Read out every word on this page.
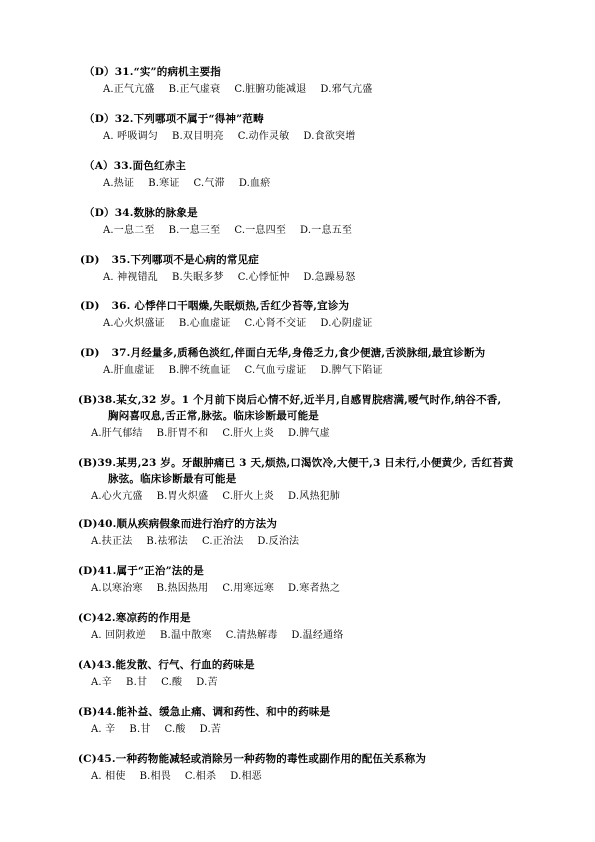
（D）31.“实”的病机主要指
A.正气亢盛 B.正气虚衰 C.脏腑功能减退 D.邪气亢盛
（D）32.下列哪项不属于“得神”范畴
A. 呼吸调匀 B.双目明亮 C.动作灵敏 D.食欲突增
（A）33.面色红赤主
A.热证 B.寒证 C.气滞 D.血瘀
（D）34.数脉的脉象是
A.一息二至 B.一息三至 C.一息四至 D.一息五至
(D) 35.下列哪项不是心病的常见症
A. 神视错乱 B.失眠多梦 C.心悸怔忡 D.急躁易怒
(D) 36. 心悸伴口干咽燥,失眠烦热,舌红少苔等,宜诊为
A.心火炽盛证 B.心血虚证 C.心肾不交证 D.心阴虚证
(D) 37.月经量多,质稀色淡红,伴面白无华,身倦乏力,食少便溏,舌淡脉细,最宜诊断为
A.肝血虚证 B.脾不统血证 C.气血亏虚证 D.脾气下陷证
(B)38.某女,32 岁。1 个月前下岗后心情不好,近半月,自感胃脘痞满,嗳气时作,纳谷不香,
胸闷喜叹息,舌正常,脉弦。临床诊断最可能是
A.肝气郁结 B.肝胃不和 C.肝火上炎 D.脾气虚
(B)39.某男,23 岁。牙龈肿痛已 3 天,烦热,口渴饮冷,大便干,3 日未行,小便黄少, 舌红苔黄
脉弦。临床诊断最有可能是
A.心火亢盛 B.胃火炽盛 C.肝火上炎 D.风热犯肺
(D)40.顺从疾病假象而进行治疗的方法为
A.扶正法 B.祛邪法 C.正治法 D.反治法
(D)41.属于“正治”法的是
A.以寒治寒 B.热因热用 C.用寒远寒 D.寒者热之
(C)42.寒凉药的作用是
A. 回阴救逆 B.温中散寒 C.清热解毒 D.温经通络
(A)43.能发散、行气、行血的药味是
A.辛 B.甘 C.酸 D.苦
(B)44.能补益、缓急止痛、调和药性、和中的药味是
A. 辛 B.甘 C.酸 D.苦
(C)45.一种药物能减轻或消除另一种药物的毒性或副作用的配伍关系称为
A. 相使 B.相畏 C.相杀 D.相恶
